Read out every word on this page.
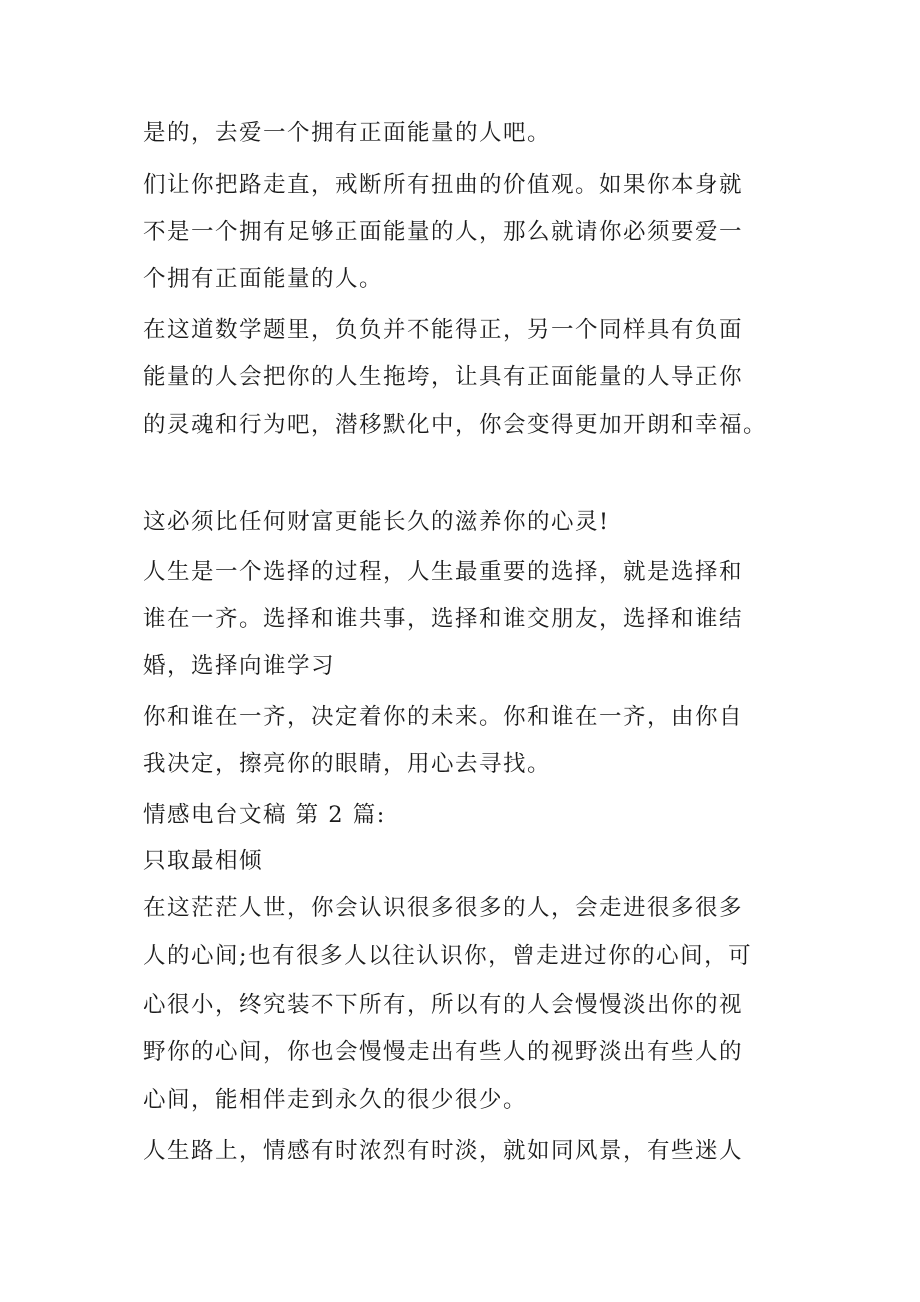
是的，去爱一个拥有正面能量的人吧。

们让你把路走直，戒断所有扭曲的价值观。如果你本身就

不是一个拥有足够正面能量的人，那么就请你必须要爱一

个拥有正面能量的人。

在这道数学题里，负负并不能得正，另一个同样具有负面

能量的人会把你的人生拖垮，让具有正面能量的人导正你

的灵魂和行为吧，潜移默化中，你会变得更加开朗和幸福。

这必须比任何财富更能长久的滋养你的心灵!

人生是一个选择的过程，人生最重要的选择，就是选择和

谁在一齐。选择和谁共事，选择和谁交朋友，选择和谁结

婚，选择向谁学习

你和谁在一齐，决定着你的未来。你和谁在一齐，由你自

我决定，擦亮你的眼睛，用心去寻找。

情感电台文稿 第 2 篇:

只取最相倾

在这茫茫人世，你会认识很多很多的人，会走进很多很多

人的心间;也有很多人以往认识你，曾走进过你的心间，可

心很小，终究装不下所有，所以有的人会慢慢淡出你的视

野你的心间，你也会慢慢走出有些人的视野淡出有些人的

心间，能相伴走到永久的很少很少。

人生路上，情感有时浓烈有时淡，就如同风景，有些迷人
